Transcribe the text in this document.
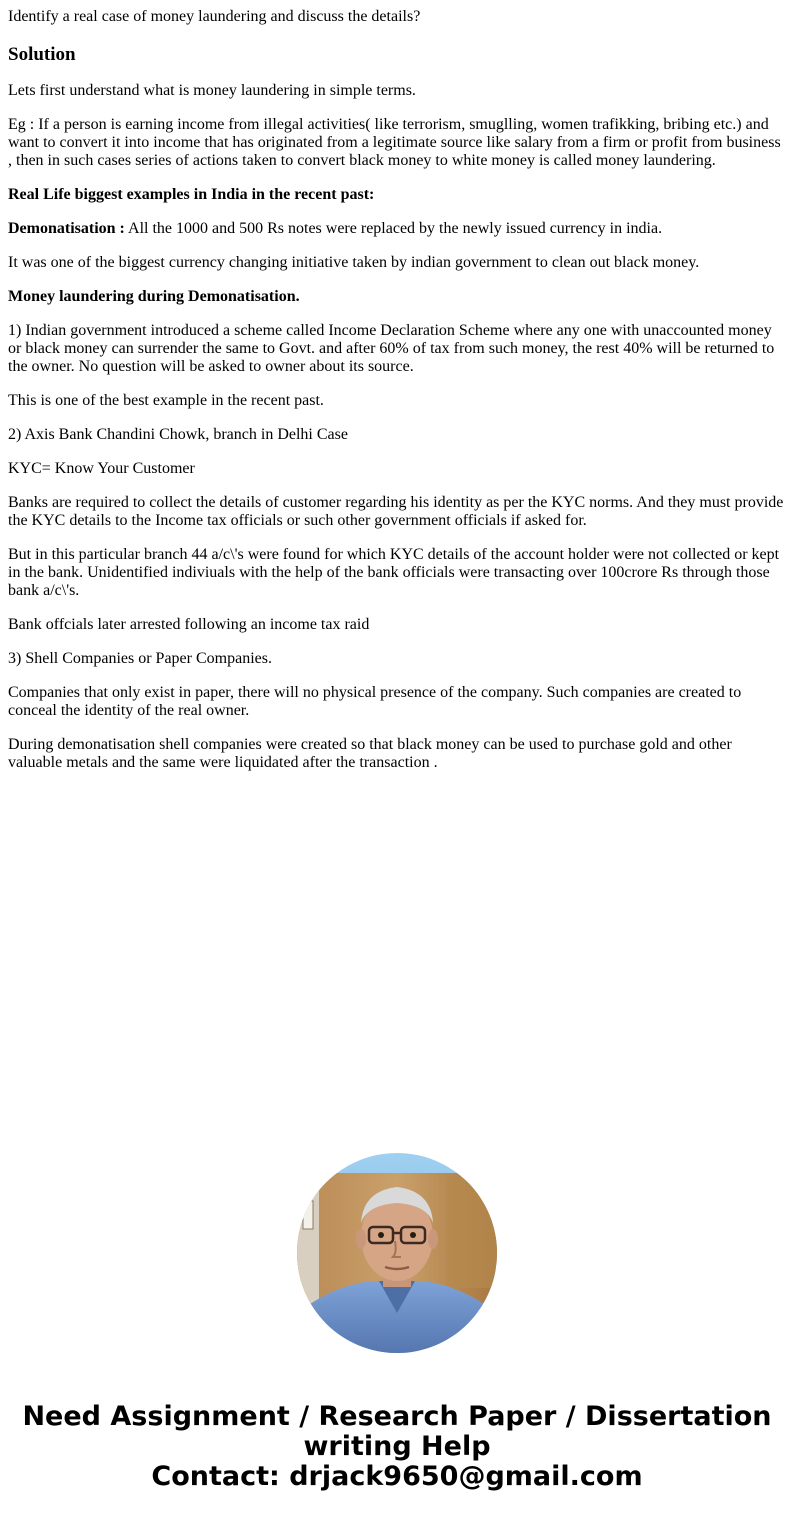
Identify a real case of money laundering and discuss the details?
Solution

Lets first understand what is money laundering in simple terms.

Eg : If a person is earning income from illegal activities( like terrorism, smuglling, women trafikking, bribing etc.) and want to convert it into income that has originated from a legitimate source like salary from a firm or profit from business , then in such cases series of actions taken to convert black money to white money is called money laundering.

Real Life biggest examples in India in the recent past:

Demonatisation : All the 1000 and 500 Rs notes were replaced by the newly issued currency in india.

It was one of the biggest currency changing initiative taken by indian government to clean out black money.

Money laundering during Demonatisation.

1) Indian government introduced a scheme called Income Declaration Scheme where any one with unaccounted money or black money can surrender the same to Govt. and after 60% of tax from such money, the rest 40% will be returned to the owner. No question will be asked to owner about its source.

This is one of the best example in the recent past.

2) Axis Bank Chandini Chowk, branch in Delhi Case

KYC= Know Your Customer

Banks are required to collect the details of customer regarding his identity as per the KYC norms. And they must provide the KYC details to the Income tax officials or such other government officials if asked for.

But in this particular branch 44 a/c\'s were found for which KYC details of the account holder were not collected or kept in the bank. Unidentified indiviuals with the help of the bank officials were transacting over 100crore Rs through those bank a/c\'s.

Bank offcials later arrested following an income tax raid

3) Shell Companies or Paper Companies.

Companies that only exist in paper, there will no physical presence of the company. Such companies are created to conceal the identity of the real owner.

During demonatisation shell companies were created so that black money can be used to purchase gold and other valuable metals and the same were liquidated after the transaction .

Need Assignment / Research Paper / Dissertation
writing Help
Contact: drjack9650@gmail.com
